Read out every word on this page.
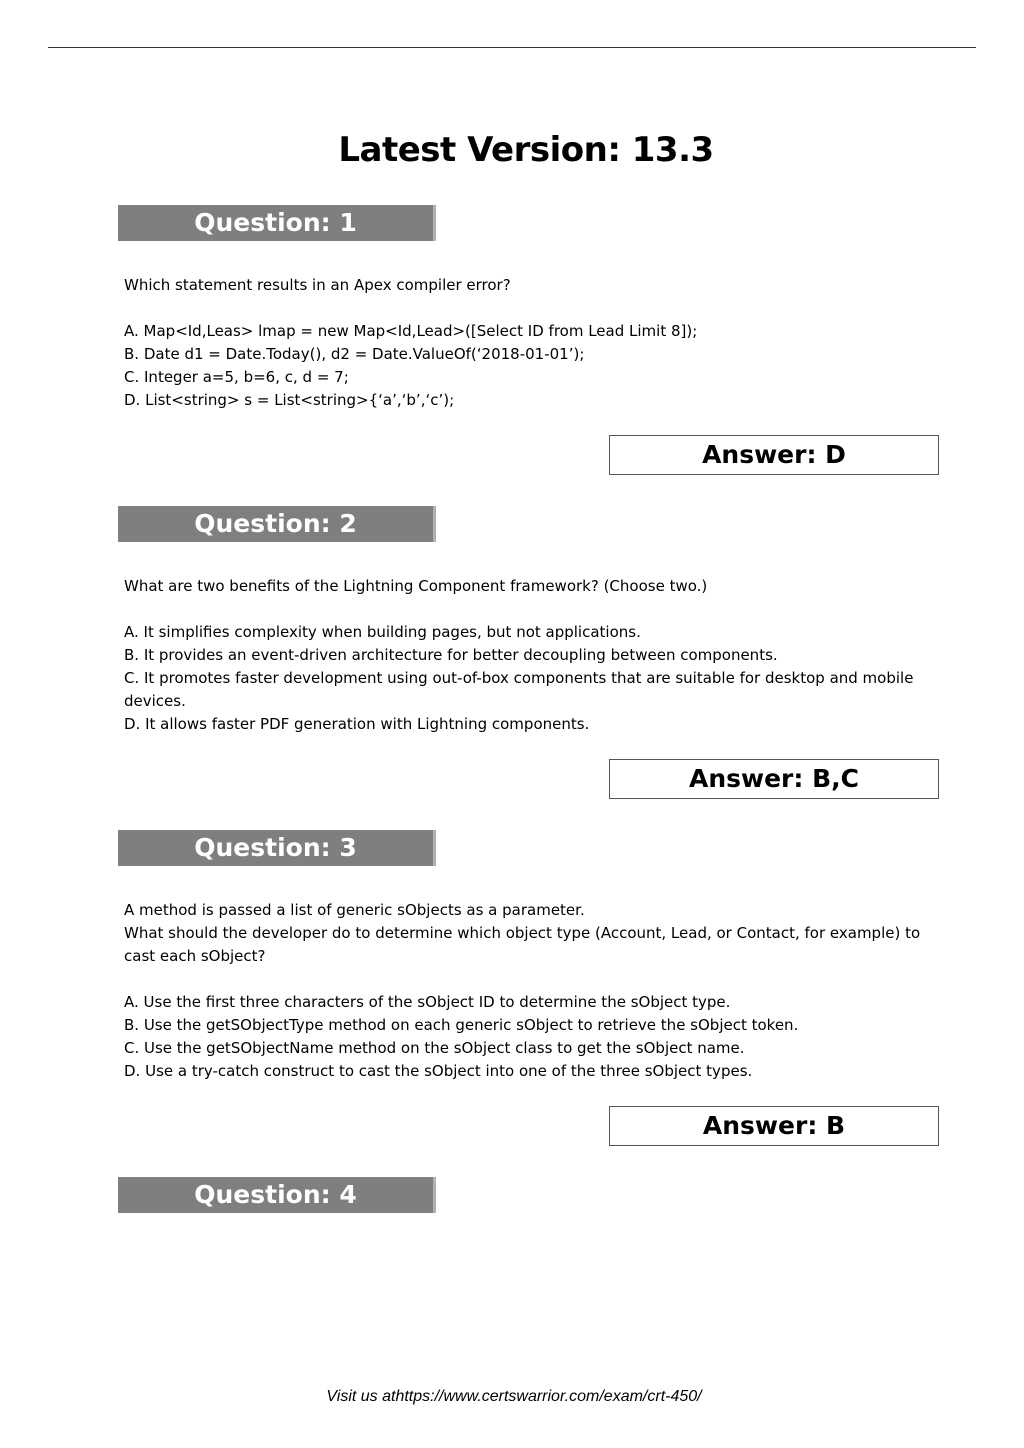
Latest Version: 13.3
Question: 1

Which statement results in an Apex compiler error?

A. Map<Id,Leas> lmap = new Map<Id,Lead>([Select ID from Lead Limit 8]);

B. Date d1 = Date.Today(), d2 = Date.ValueOf(‘2018-01-01’);

C. Integer a=5, b=6, c, d = 7;

D. List<string> s = List<string>{‘a’,‘b’,‘c’);

Answer: D
Question: 2

What are two benefits of the Lightning Component framework? (Choose two.)

A. It simplifies complexity when building pages, but not applications.

B. It provides an event-driven architecture for better decoupling between components.

C. It promotes faster development using out-of-box components that are suitable for desktop and mobile devices.

D. It allows faster PDF generation with Lightning components.

Answer: B,C
Question: 3

A method is passed a list of generic sObjects as a parameter.

What should the developer do to determine which object type (Account, Lead, or Contact, for example) to cast each sObject?

A. Use the first three characters of the sObject ID to determine the sObject type.

B. Use the getSObjectType method on each generic sObject to retrieve the sObject token.

C. Use the getSObjectName method on the sObject class to get the sObject name.

D. Use a try-catch construct to cast the sObject into one of the three sObject types.

Answer: B
Question: 4
Visit us athttps://www.certswarrior.com/exam/crt-450/
